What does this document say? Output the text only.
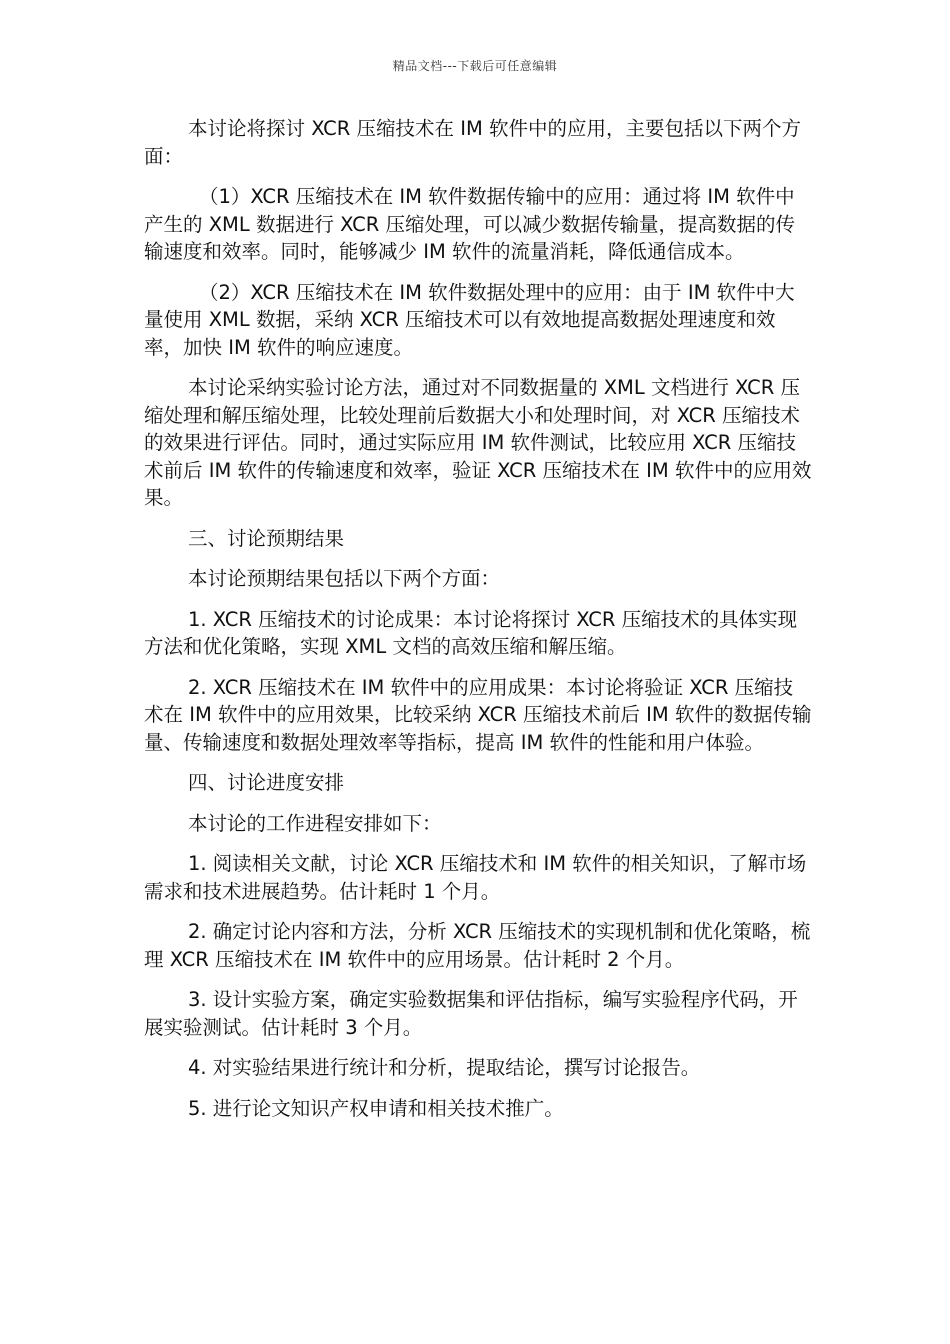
精品文档---下载后可任意编辑

本讨论将探讨 XCR 压缩技术在 IM 软件中的应用，主要包括以下两个方面：

（1）XCR 压缩技术在 IM 软件数据传输中的应用：通过将 IM 软件中产生的 XML 数据进行 XCR 压缩处理，可以减少数据传输量，提高数据的传输速度和效率。同时，能够减少 IM 软件的流量消耗，降低通信成本。

（2）XCR 压缩技术在 IM 软件数据处理中的应用：由于 IM 软件中大量使用 XML 数据，采纳 XCR 压缩技术可以有效地提高数据处理速度和效率，加快 IM 软件的响应速度。

本讨论采纳实验讨论方法，通过对不同数据量的 XML 文档进行 XCR 压缩处理和解压缩处理，比较处理前后数据大小和处理时间，对 XCR 压缩技术的效果进行评估。同时，通过实际应用 IM 软件测试，比较应用 XCR 压缩技术前后 IM 软件的传输速度和效率，验证 XCR 压缩技术在 IM 软件中的应用效果。

三、讨论预期结果

本讨论预期结果包括以下两个方面：

1. XCR 压缩技术的讨论成果：本讨论将探讨 XCR 压缩技术的具体实现方法和优化策略，实现 XML 文档的高效压缩和解压缩。

2. XCR 压缩技术在 IM 软件中的应用成果：本讨论将验证 XCR 压缩技术在 IM 软件中的应用效果，比较采纳 XCR 压缩技术前后 IM 软件的数据传输量、传输速度和数据处理效率等指标，提高 IM 软件的性能和用户体验。

四、讨论进度安排

本讨论的工作进程安排如下：

1. 阅读相关文献，讨论 XCR 压缩技术和 IM 软件的相关知识，了解市场需求和技术进展趋势。估计耗时 1 个月。

2. 确定讨论内容和方法，分析 XCR 压缩技术的实现机制和优化策略，梳理 XCR 压缩技术在 IM 软件中的应用场景。估计耗时 2 个月。

3. 设计实验方案，确定实验数据集和评估指标，编写实验程序代码，开展实验测试。估计耗时 3 个月。

4. 对实验结果进行统计和分析，提取结论，撰写讨论报告。

5. 进行论文知识产权申请和相关技术推广。
